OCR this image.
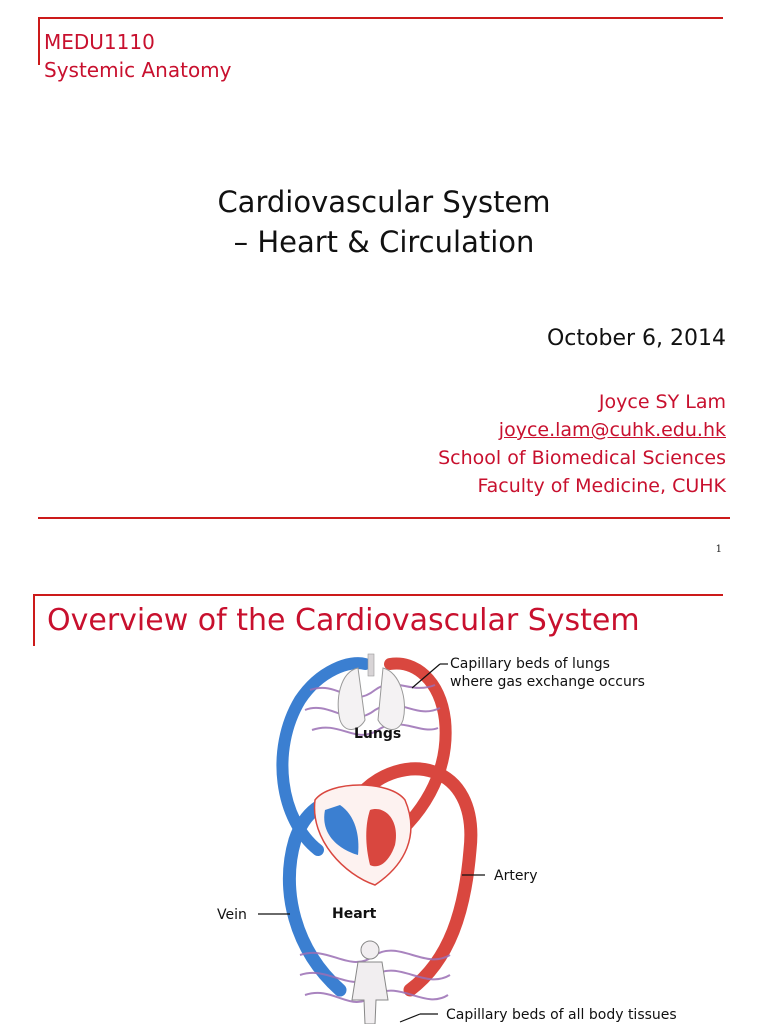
MEDU1110
Systemic Anatomy
Cardiovascular System
– Heart & Circulation
October 6, 2014
Joyce SY Lam
joyce.lam@cuhk.edu.hk
School of Biomedical Sciences
Faculty of Medicine, CUHK
1
Overview of the Cardiovascular System
Capillary beds of lungs
where gas exchange occurs
Lungs
Artery
Vein	Heart
Capillary beds of all body tissues
